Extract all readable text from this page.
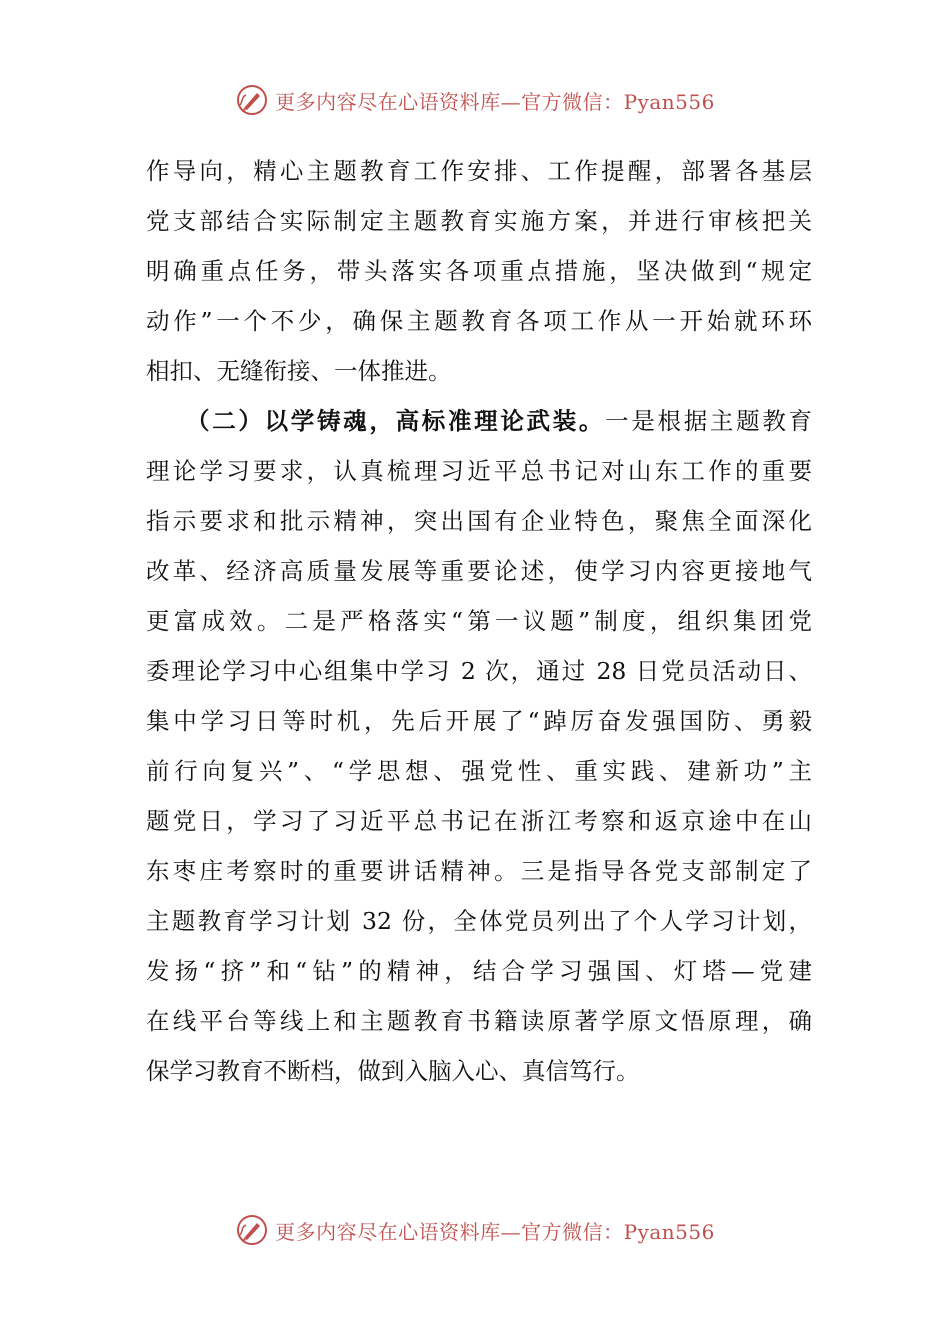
更多内容尽在心语资料库—官方微信：Pyan556
作导向，精心主题教育工作安排、工作提醒，部署各基层
党支部结合实际制定主题教育实施方案，并进行审核把关
明确重点任务，带头落实各项重点措施，坚决做到“规定
动作”一个不少，确保主题教育各项工作从一开始就环环
相扣、无缝衔接、一体推进。
（二）以学铸魂，高标准理论武装。一是根据主题教育
理论学习要求，认真梳理习近平总书记对山东工作的重要
指示要求和批示精神，突出国有企业特色，聚焦全面深化
改革、经济高质量发展等重要论述，使学习内容更接地气
更富成效。二是严格落实“第一议题”制度，组织集团党
委理论学习中心组集中学习 2 次，通过 28 日党员活动日、
集中学习日等时机，先后开展了“踔厉奋发强国防、勇毅
前行向复兴”、“学思想、强党性、重实践、建新功”主
题党日，学习了习近平总书记在浙江考察和返京途中在山
东枣庄考察时的重要讲话精神。三是指导各党支部制定了
主题教育学习计划 32 份，全体党员列出了个人学习计划，
发扬“挤”和“钻”的精神，结合学习强国、灯塔—党建
在线平台等线上和主题教育书籍读原著学原文悟原理，确
保学习教育不断档，做到入脑入心、真信笃行。
更多内容尽在心语资料库—官方微信：Pyan556
